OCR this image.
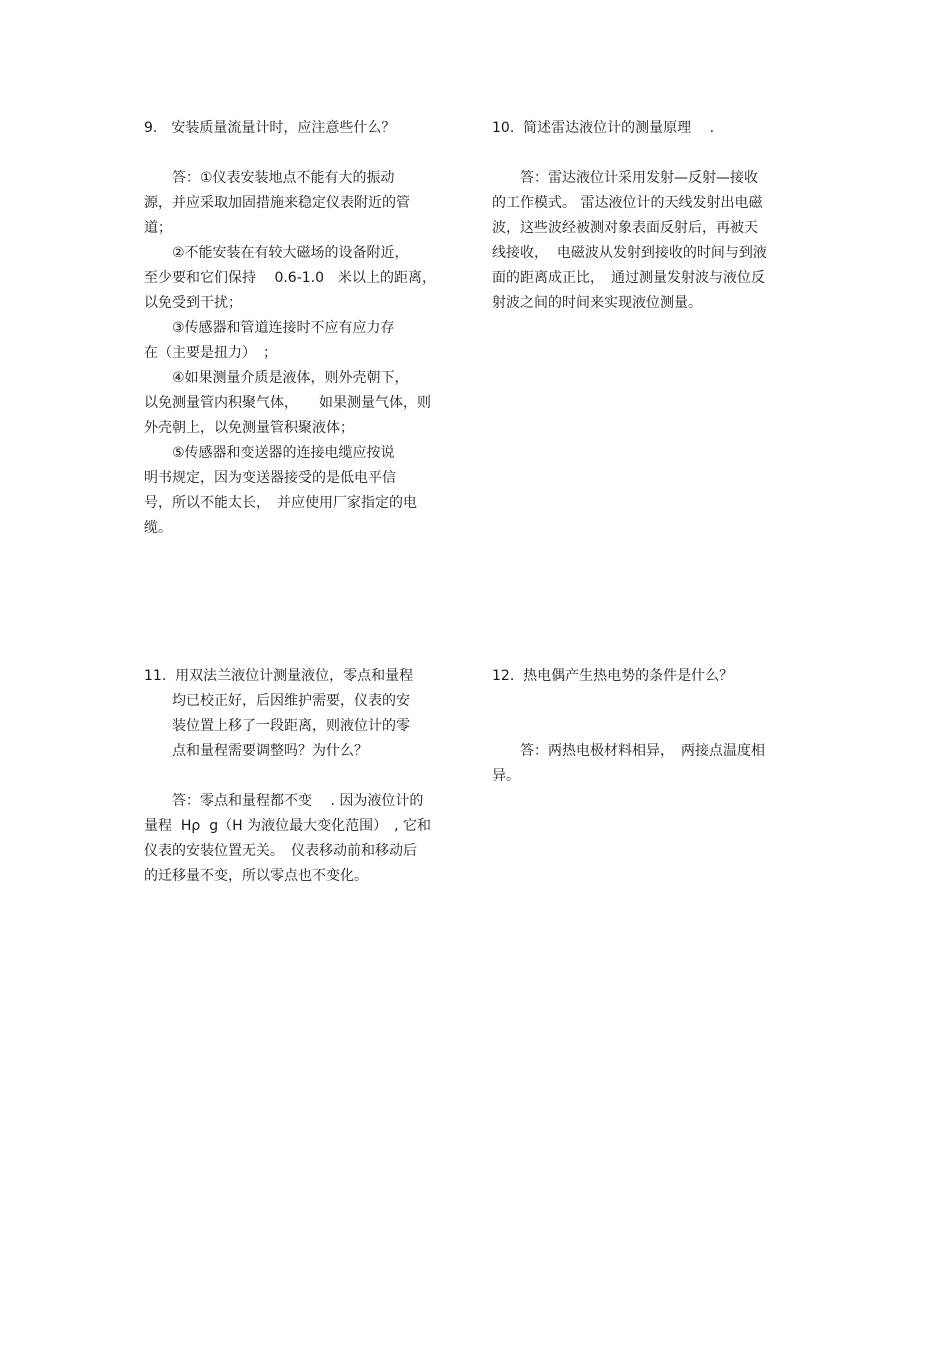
9.　安装质量流量计时，应注意些什么？
　　答：①仪表安装地点不能有大的振动
源，并应采取加固措施来稳定仪表附近的管
道；
　　②不能安装在有较大磁场的设备附近，
至少要和它们保持　 0.6-1.0　米以上的距离，
以免受到干扰；
　　③传感器和管道连接时不应有应力存
在（主要是扭力）　；
　　④如果测量介质是液体，则外壳朝下，
以免测量管内积聚气体，　　如果测量气体，则
外壳朝上，以免测量管积聚液体；
　　⑤传感器和变送器的连接电缆应按说
明书规定，因为变送器接受的是低电平信
号，所以不能太长，　并应使用厂家指定的电
缆。
10.  简述雷达液位计的测量原理　 .
　　答：雷达液位计采用发射—反射—接收
的工作模式。 雷达液位计的天线发射出电磁
波，这些波经被测对象表面反射后，再被天
线接收，  电磁波从发射到接收的时间与到液
面的距离成正比，　通过测量发射波与液位反
射波之间的时间来实现液位测量。
11.  用双法兰液位计测量液位，零点和量程
　　均已校正好，后因维护需要，仪表的安
　　装位置上移了一段距离，则液位计的零
　　点和量程需要调整吗？为什么？
　　答：零点和量程都不变　 . 因为液位计的
量程  Hρ  g（H 为液位最大变化范围）　, 它和
仪表的安装位置无关。　仪表移动前和移动后
的迁移量不变，所以零点也不变化。
12.  热电偶产生热电势的条件是什么？
　　答：两热电极材料相异，　两接点温度相
异。
